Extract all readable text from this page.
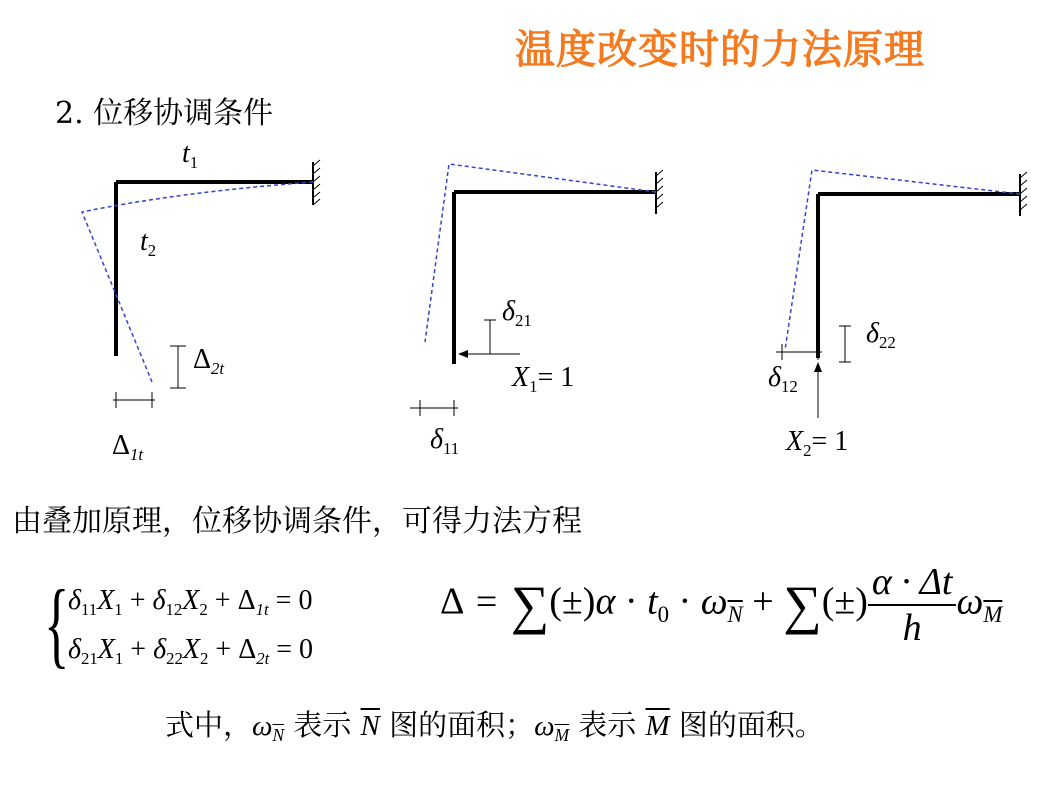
温度改变时的力法原理
2. 位移协调条件
$t_1$
$t_2$
$\Delta_{2t}$
$\Delta_{1t}$
$\delta_{21}$
$X_1= 1$
$\delta_{11}$
$\delta_{22}$
$\delta_{12}$
$X_2= 1$
由叠加原理，位移协调条件，可得力法方程
{
$\delta_{11}X_1 + \delta_{12}X_2 + \Delta_{1t} = 0$
$\delta_{21}X_1 + \delta_{22}X_2 + \Delta_{2t} = 0$
$\Delta = \sum(\pm)\alpha \cdot t_0 \cdot \omega_{\overline{N}}$ + ∑(±) $\frac{\alpha \cdot \Delta t}{h} \omega_{\overline{M}}$
式中，$\omega_{\overline{N}}$ 表示 $\overline{N}$ 图的面积；$\omega_{\overline{M}}$ 表示 $\overline{M}$ 图的面积。
